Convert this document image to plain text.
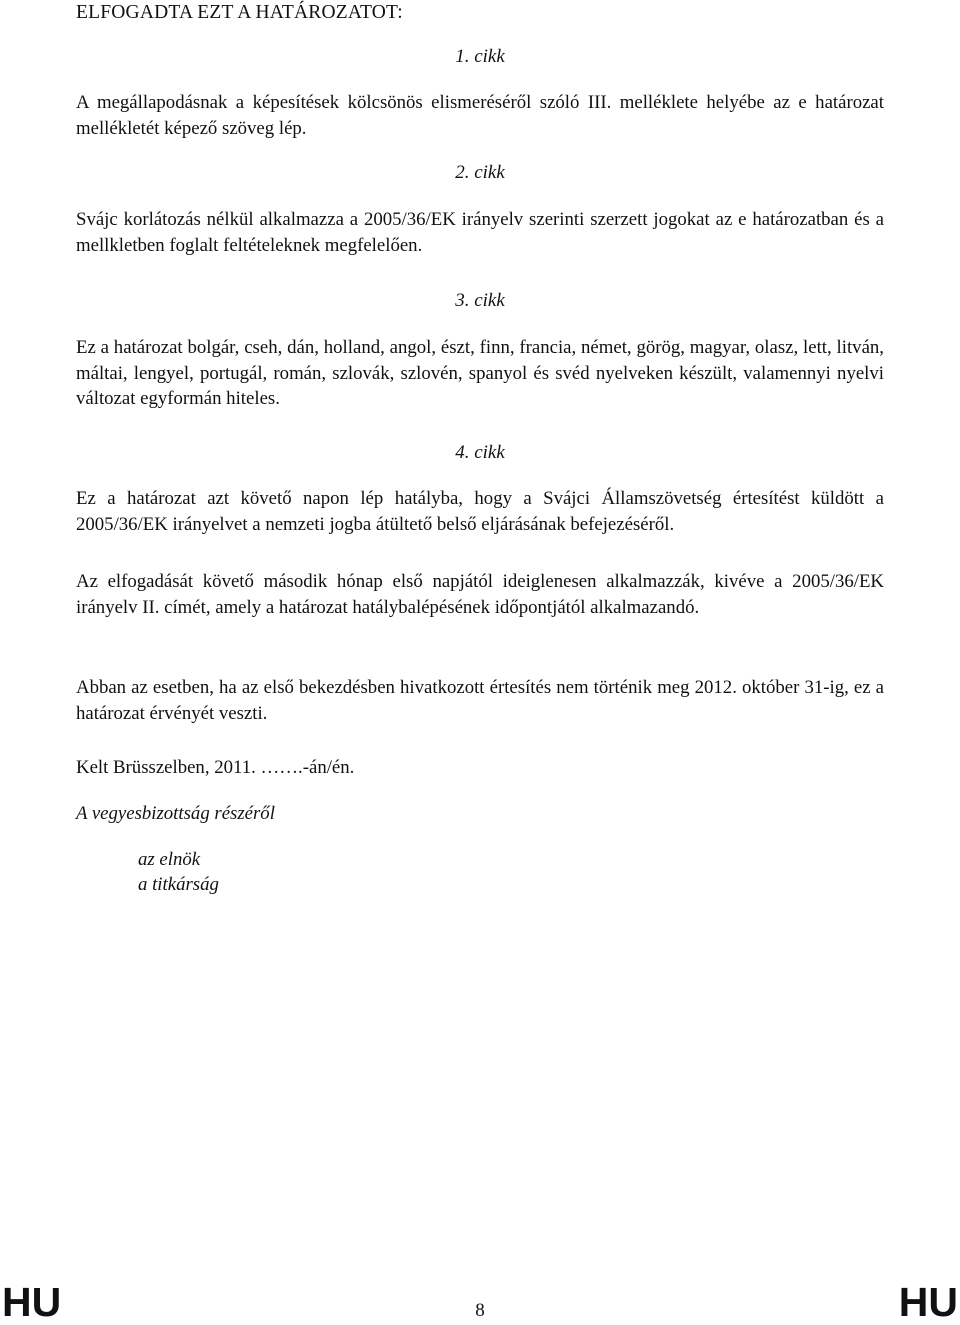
ELFOGADTA EZT A HATÁROZATOT:
1. cikk
A megállapodásnak a képesítések kölcsönös elismeréséről szóló III. melléklete helyébe az e határozat mellékletét képező szöveg lép.
2. cikk
Svájc korlátozás nélkül alkalmazza a 2005/36/EK irányelv szerinti szerzett jogokat az e határozatban és a mellkletben foglalt feltételeknek megfelelően.
3. cikk
Ez a határozat bolgár, cseh, dán, holland, angol, észt, finn, francia, német, görög, magyar, olasz, lett, litván, máltai, lengyel, portugál, román, szlovák, szlovén, spanyol és svéd nyelveken készült, valamennyi nyelvi változat egyformán hiteles.
4. cikk
Ez a határozat azt követő napon lép hatályba, hogy a Svájci Államszövetség értesítést küldött a 2005/36/EK irányelvet a nemzeti jogba átültető belső eljárásának befejezéséről.
Az elfogadását követő második hónap első napjától ideiglenesen alkalmazzák, kivéve a 2005/36/EK irányelv II. címét, amely a határozat hatálybalépésének időpontjától alkalmazandó.
Abban az esetben, ha az első bekezdésben hivatkozott értesítés nem történik meg 2012. október 31-ig, ez a határozat érvényét veszti.
Kelt Brüsszelben, 2011. …….-án/én.
A vegyesbizottság részéről
az elnök
a titkárság
HU	8	HU
